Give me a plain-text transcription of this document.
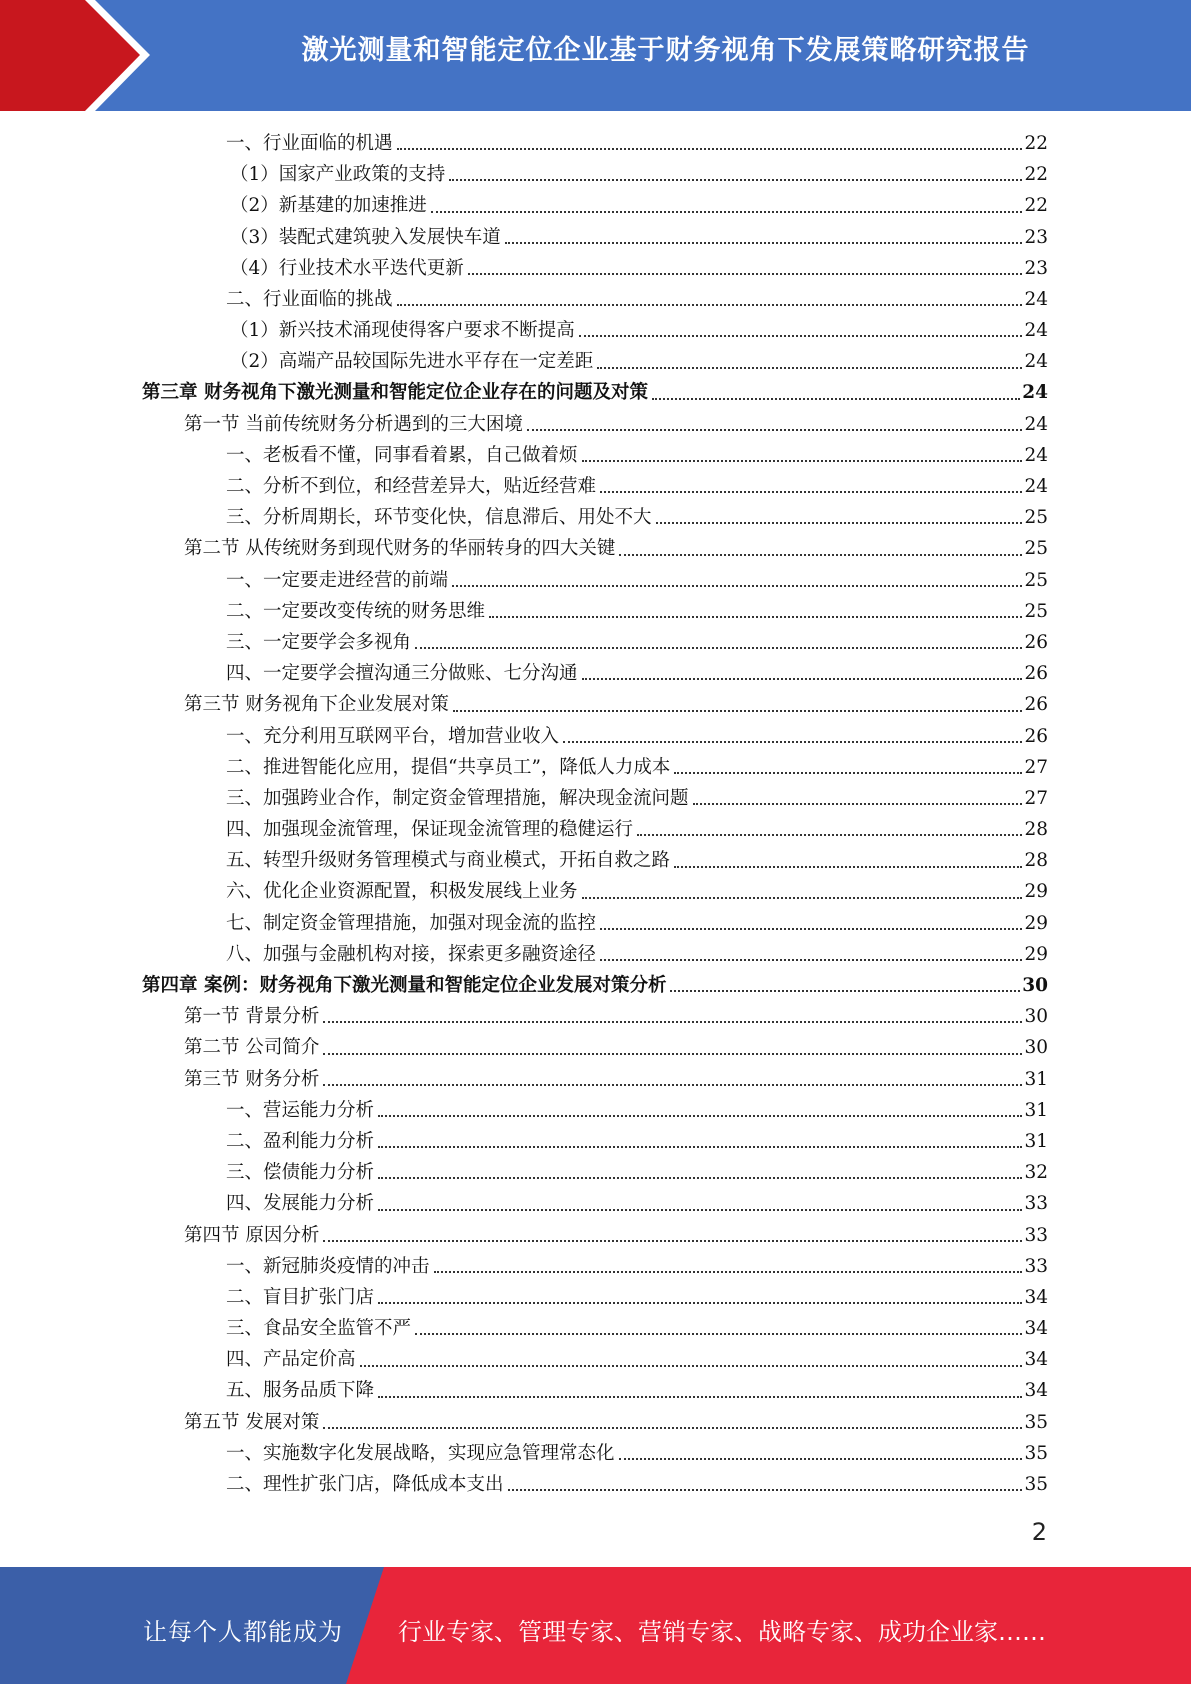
激光测量和智能定位企业基于财务视角下发展策略研究报告
一、行业面临的机遇	22
（1）国家产业政策的支持	22
（2）新基建的加速推进	22
（3）装配式建筑驶入发展快车道	23
（4）行业技术水平迭代更新	23
二、行业面临的挑战	24
（1）新兴技术涌现使得客户要求不断提高	24
（2）高端产品较国际先进水平存在一定差距	24
第三章 财务视角下激光测量和智能定位企业存在的问题及对策	24
第一节 当前传统财务分析遇到的三大困境	24
一、老板看不懂，同事看着累，自己做着烦	24
二、分析不到位，和经营差异大，贴近经营难	24
三、分析周期长，环节变化快，信息滞后、用处不大	25
第二节 从传统财务到现代财务的华丽转身的四大关键	25
一、一定要走进经营的前端	25
二、一定要改变传统的财务思维	25
三、一定要学会多视角	26
四、一定要学会擅沟通三分做账、七分沟通	26
第三节 财务视角下企业发展对策	26
一、充分利用互联网平台，增加营业收入	26
二、推进智能化应用，提倡“共享员工”，降低人力成本	27
三、加强跨业合作，制定资金管理措施，解决现金流问题	27
四、加强现金流管理，保证现金流管理的稳健运行	28
五、转型升级财务管理模式与商业模式，开拓自救之路	28
六、优化企业资源配置，积极发展线上业务	29
七、制定资金管理措施，加强对现金流的监控	29
八、加强与金融机构对接，探索更多融资途径	29
第四章 案例：财务视角下激光测量和智能定位企业发展对策分析	30
第一节 背景分析	30
第二节 公司简介	30
第三节 财务分析	31
一、营运能力分析	31
二、盈利能力分析	31
三、偿债能力分析	32
四、发展能力分析	33
第四节 原因分析	33
一、新冠肺炎疫情的冲击	33
二、盲目扩张门店	34
三、食品安全监管不严	34
四、产品定价高	34
五、服务品质下降	34
第五节 发展对策	35
一、实施数字化发展战略，实现应急管理常态化	35
二、理性扩张门店，降低成本支出	35
2
让每个人都能成为 行业专家、管理专家、营销专家、战略专家、成功企业家……
